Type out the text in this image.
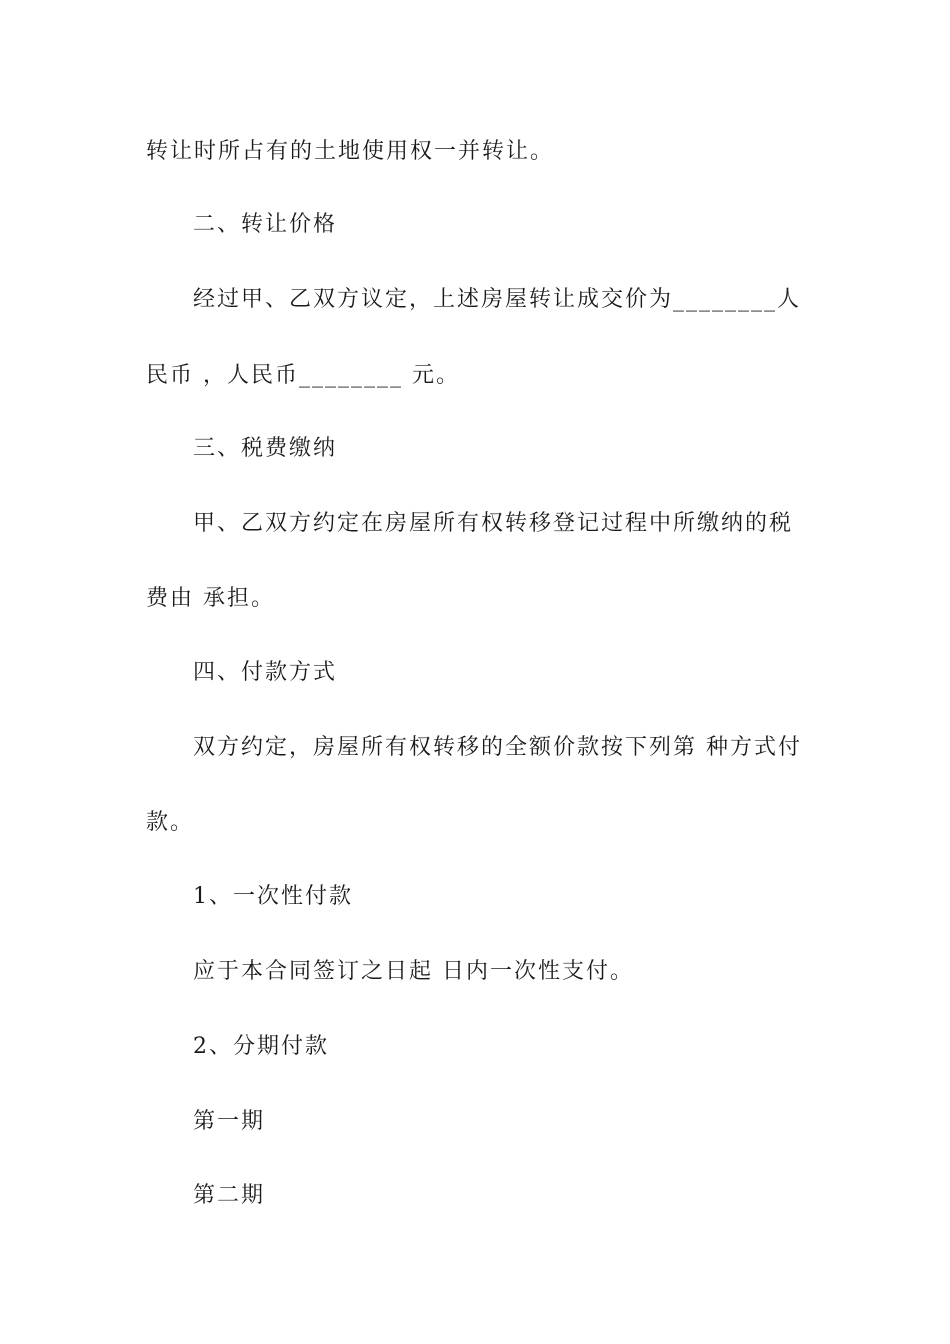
转让时所占有的土地使用权一并转让。
二、转让价格
经过甲、乙双方议定，上述房屋转让成交价为________人
民币 ，人民币________ 元。
三、税费缴纳
甲、乙双方约定在房屋所有权转移登记过程中所缴纳的税
费由 承担。
四、付款方式
双方约定，房屋所有权转移的全额价款按下列第 种方式付
款。
1、一次性付款
应于本合同签订之日起 日内一次性支付。
2、分期付款
第一期
第二期
